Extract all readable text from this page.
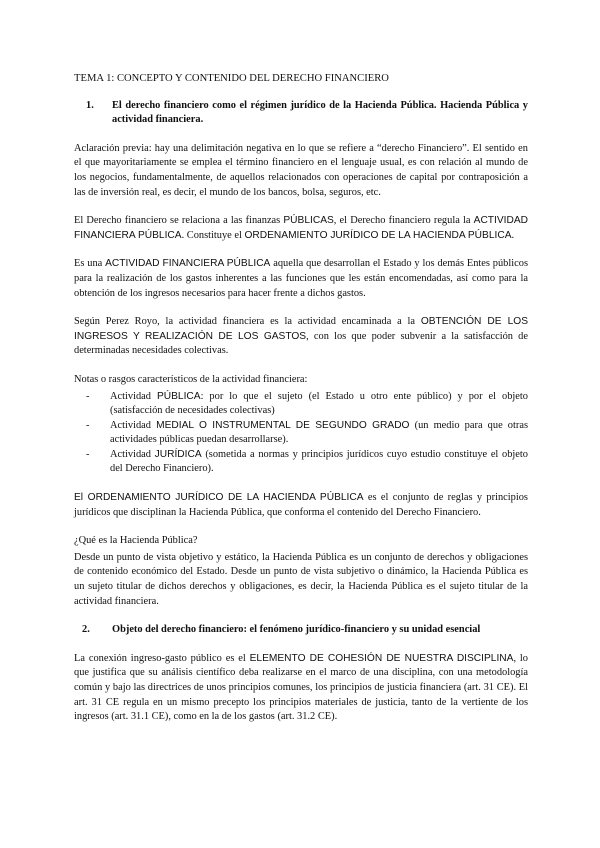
TEMA 1: CONCEPTO Y CONTENIDO DEL DERECHO FINANCIERO
1.	El derecho financiero como el régimen jurídico de la Hacienda Pública. Hacienda Pública y actividad financiera.

Aclaración previa: hay una delimitación negativa en lo que se refiere a “derecho Financiero”. El sentido en el que mayoritariamente se emplea el término financiero en el lenguaje usual, es con relación al mundo de los negocios, fundamentalmente, de aquellos relacionados con operaciones de capital por contraposición a las de inversión real, es decir, el mundo de los bancos, bolsa, seguros, etc.

El Derecho financiero se relaciona a las finanzas PÚBLICAS, el Derecho financiero regula la ACTIVIDAD FINANCIERA PÚBLICA. Constituye el ORDENAMIENTO JURÍDICO DE LA HACIENDA PÚBLICA.

Es una ACTIVIDAD FINANCIERA PÚBLICA aquella que desarrollan el Estado y los demás Entes públicos para la realización de los gastos inherentes a las funciones que les están encomendadas, así como para la obtención de los ingresos necesarios para hacer frente a dichos gastos.

Según Perez Royo, la actividad financiera es la actividad encaminada a la OBTENCIÓN DE LOS INGRESOS Y REALIZACIÓN DE LOS GASTOS, con los que poder subvenir a la satisfacción de determinadas necesidades colectivas.

Notas o rasgos característicos de la actividad financiera:

- Actividad PÚBLICA: por lo que el sujeto (el Estado u otro ente público) y por el objeto (satisfacción de necesidades colectivas)
- Actividad MEDIAL O INSTRUMENTAL DE SEGUNDO GRADO (un medio para que otras actividades públicas puedan desarrollarse).
- Actividad JURÍDICA (sometida a normas y principios jurídicos cuyo estudio constituye el objeto del Derecho Financiero).

El ORDENAMIENTO JURÍDICO DE LA HACIENDA PÚBLICA es el conjunto de reglas y principios jurídicos que disciplinan la Hacienda Pública, que conforma el contenido del Derecho Financiero.

¿Qué es la Hacienda Pública?

Desde un punto de vista objetivo y estático, la Hacienda Pública es un conjunto de derechos y obligaciones de contenido económico del Estado. Desde un punto de vista subjetivo o dinámico, la Hacienda Pública es un sujeto titular de dichos derechos y obligaciones, es decir, la Hacienda Pública es el sujeto titular de la actividad financiera.

2.	Objeto del derecho financiero: el fenómeno jurídico-financiero y su unidad esencial

La conexión ingreso-gasto público es el ELEMENTO DE COHESIÓN DE NUESTRA DISCIPLINA, lo que justifica que su análisis científico deba realizarse en el marco de una disciplina, con una metodología común y bajo las directrices de unos principios comunes, los principios de justicia financiera (art. 31 CE). El art. 31 CE regula en un mismo precepto los principios materiales de justicia, tanto de la vertiente de los ingresos (art. 31.1 CE), como en la de los gastos (art. 31.2 CE).
